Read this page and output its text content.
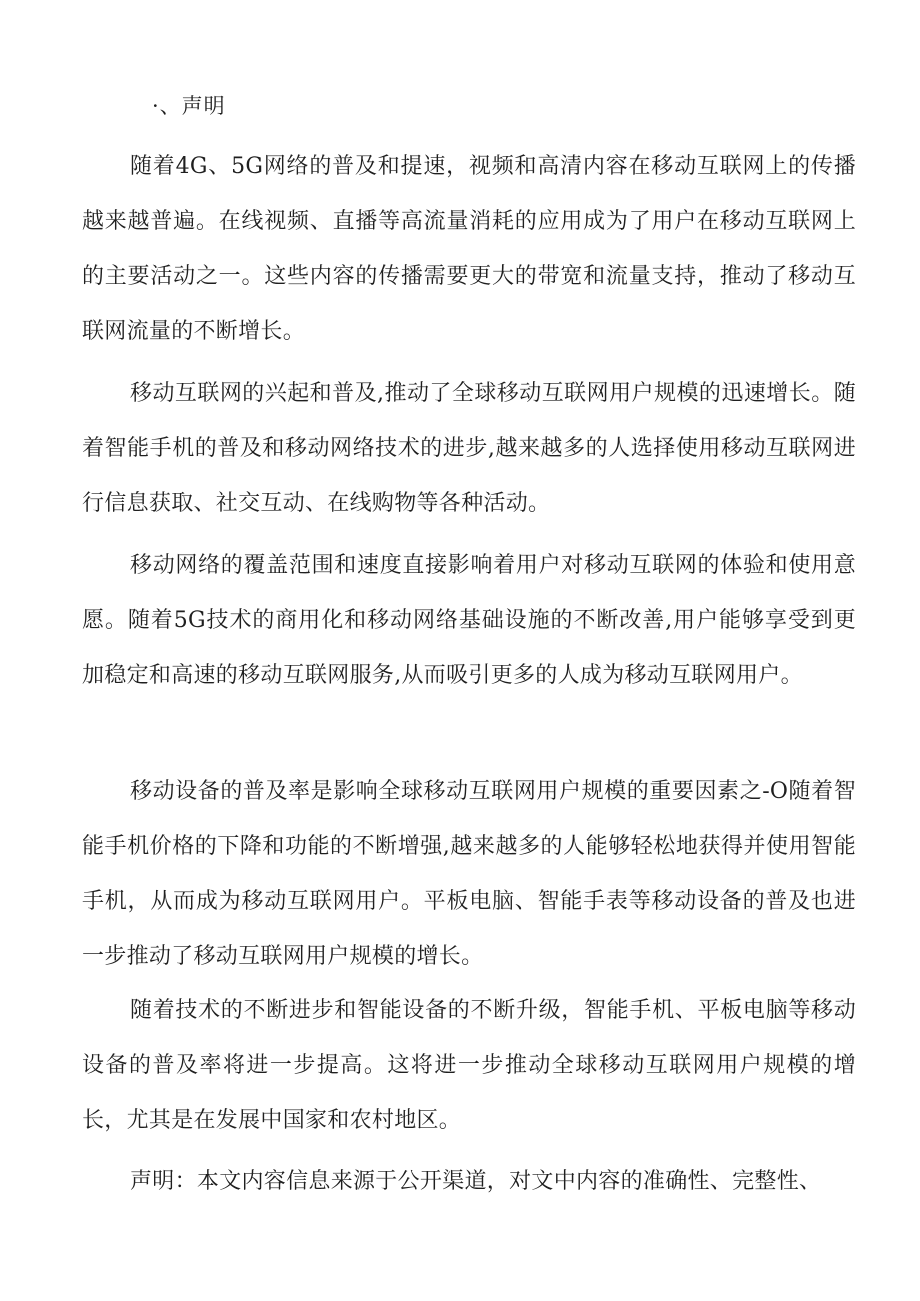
·、声明

随着4G、5G网络的普及和提速，视频和高清内容在移动互联网上的传播越来越普遍。在线视频、直播等高流量消耗的应用成为了用户在移动互联网上的主要活动之一。这些内容的传播需要更大的带宽和流量支持，推动了移动互联网流量的不断增长。

移动互联网的兴起和普及,推动了全球移动互联网用户规模的迅速增长。随着智能手机的普及和移动网络技术的进步,越来越多的人选择使用移动互联网进行信息获取、社交互动、在线购物等各种活动。

移动网络的覆盖范围和速度直接影响着用户对移动互联网的体验和使用意愿。随着5G技术的商用化和移动网络基础设施的不断改善,用户能够享受到更加稳定和高速的移动互联网服务,从而吸引更多的人成为移动互联网用户。

移动设备的普及率是影响全球移动互联网用户规模的重要因素之-O随着智能手机价格的下降和功能的不断增强,越来越多的人能够轻松地获得并使用智能手机，从而成为移动互联网用户。平板电脑、智能手表等移动设备的普及也进一步推动了移动互联网用户规模的增长。

随着技术的不断进步和智能设备的不断升级，智能手机、平板电脑等移动设备的普及率将进一步提高。这将进一步推动全球移动互联网用户规模的增长，尤其是在发展中国家和农村地区。

声明：本文内容信息来源于公开渠道，对文中内容的准确性、完整性、
